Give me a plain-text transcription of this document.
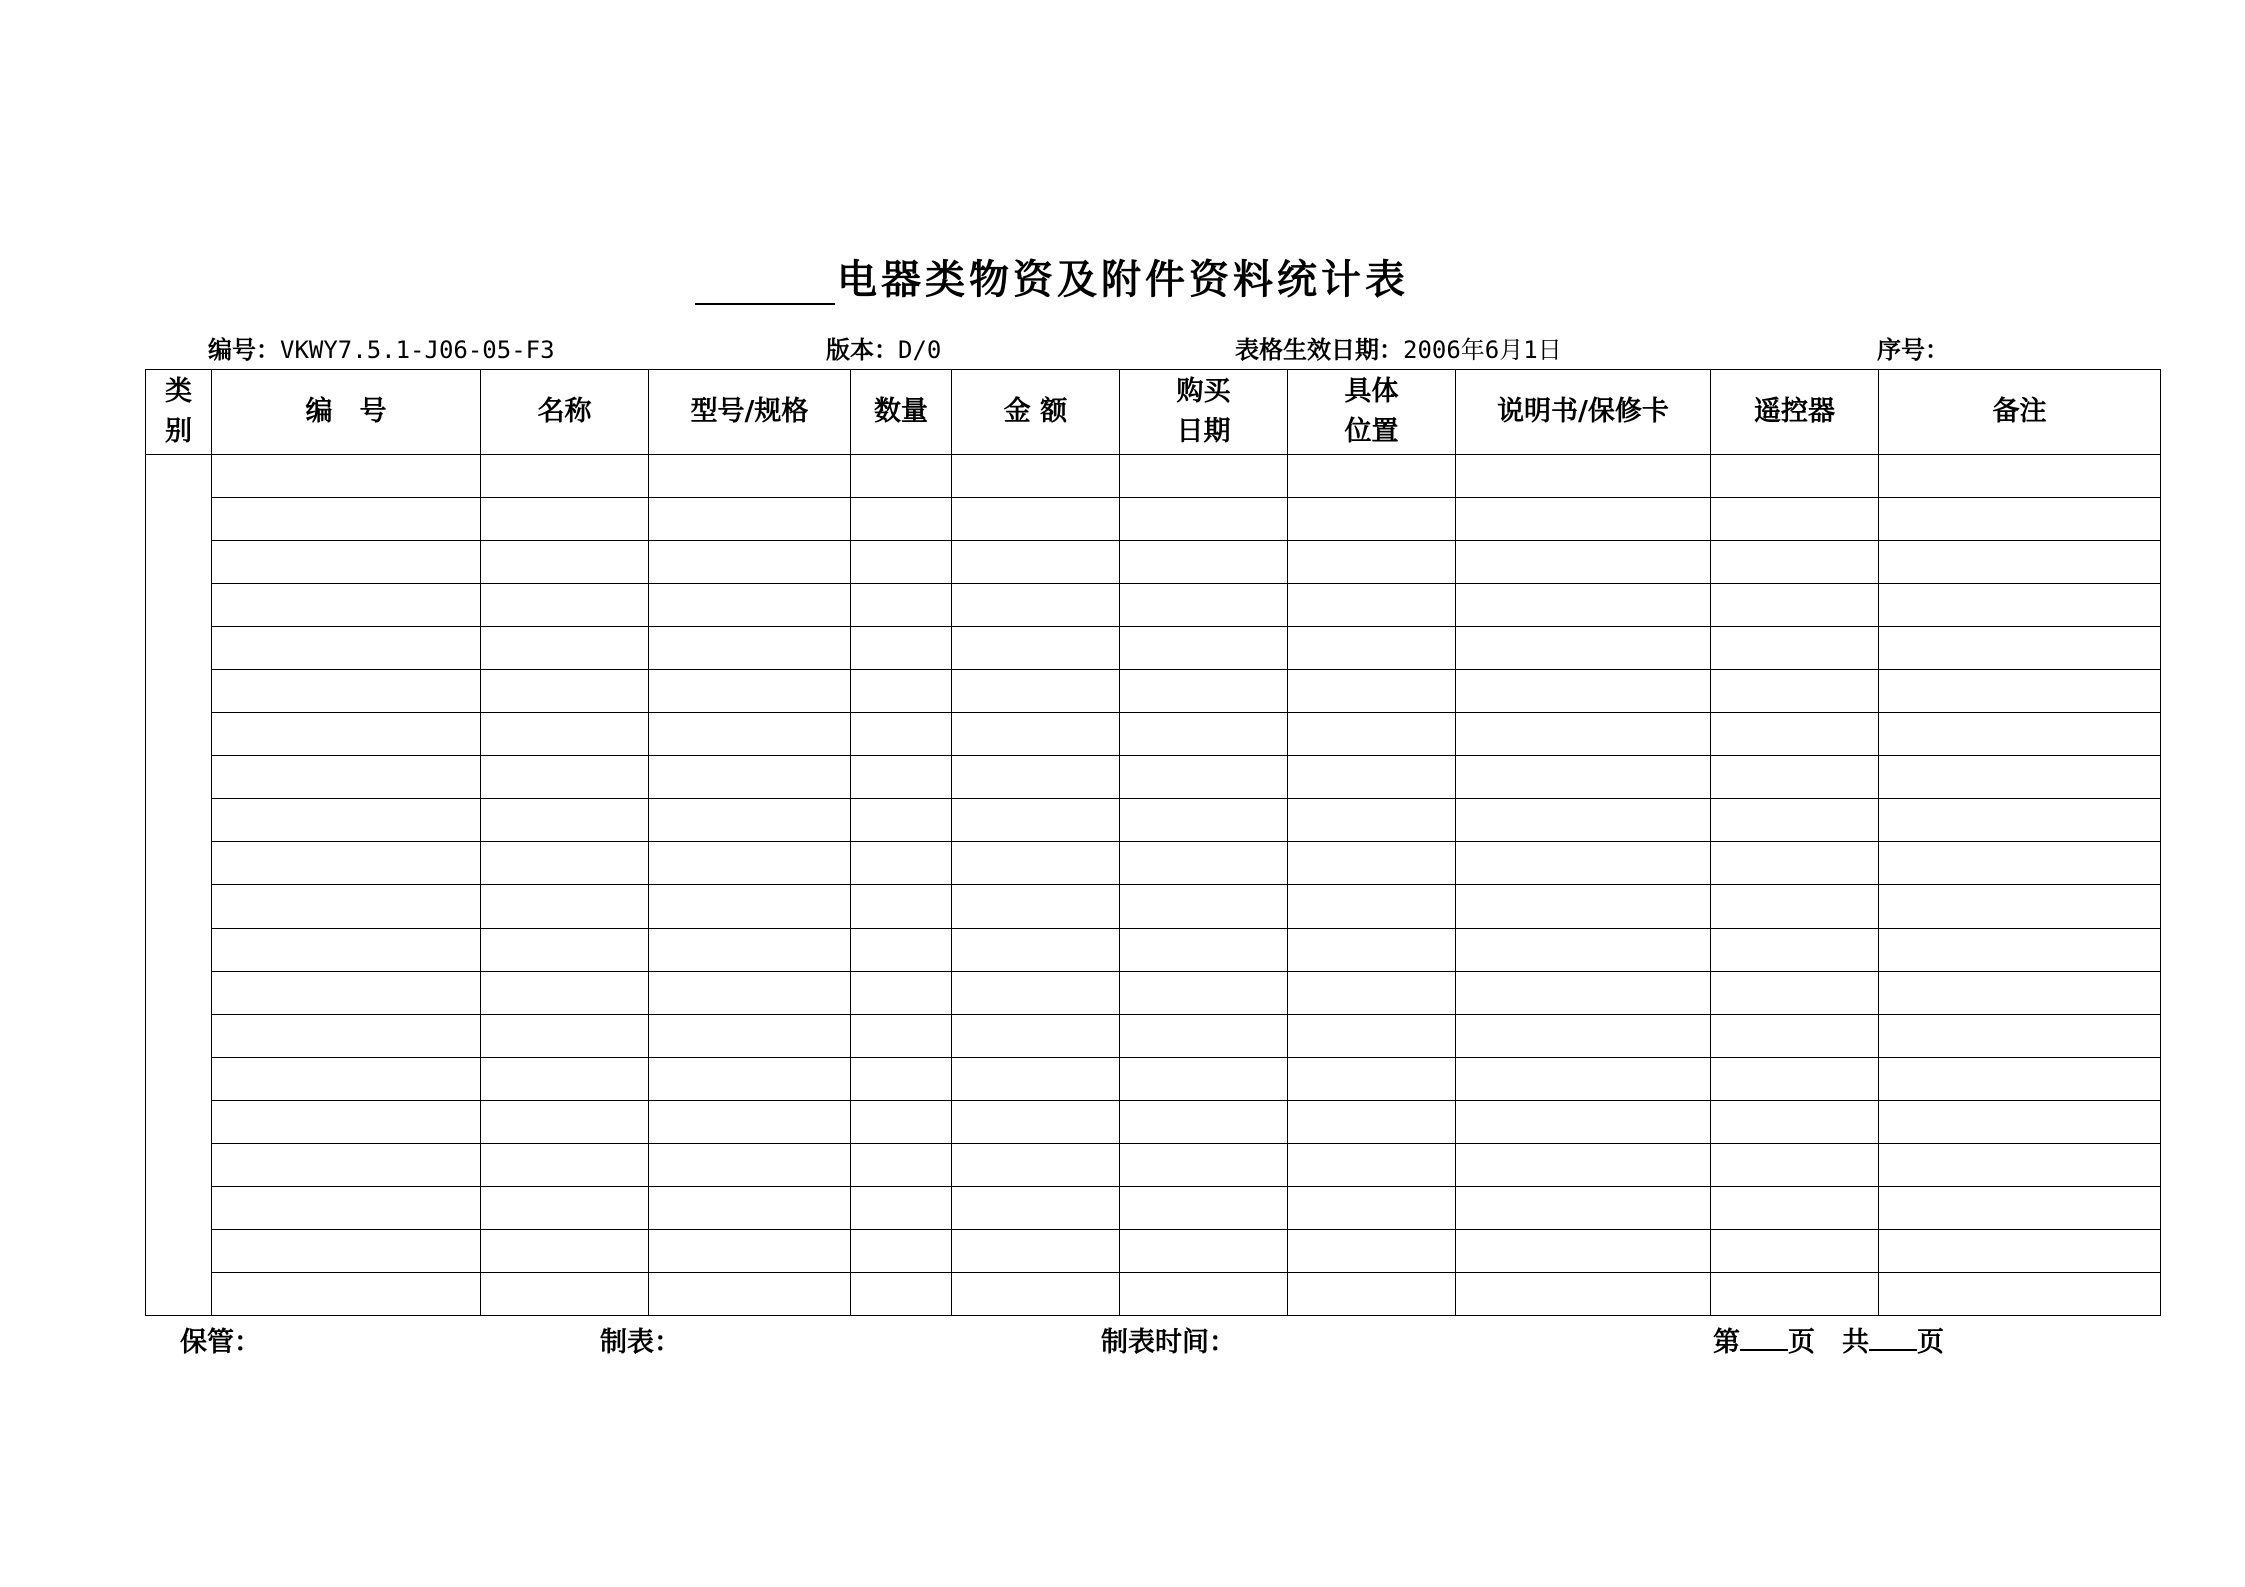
电器类物资及附件资料统计表
编号：VKWY7.5.1-J06-05-F3	版本：D/0	表格生效日期：2006年6月1日	序号：
类别	编　号	名称	型号/规格	数量	金 额	购买日期	具体位置	说明书/保修卡	遥控器	备注

保管：	制表：	制表时间：	第 页　共 页
